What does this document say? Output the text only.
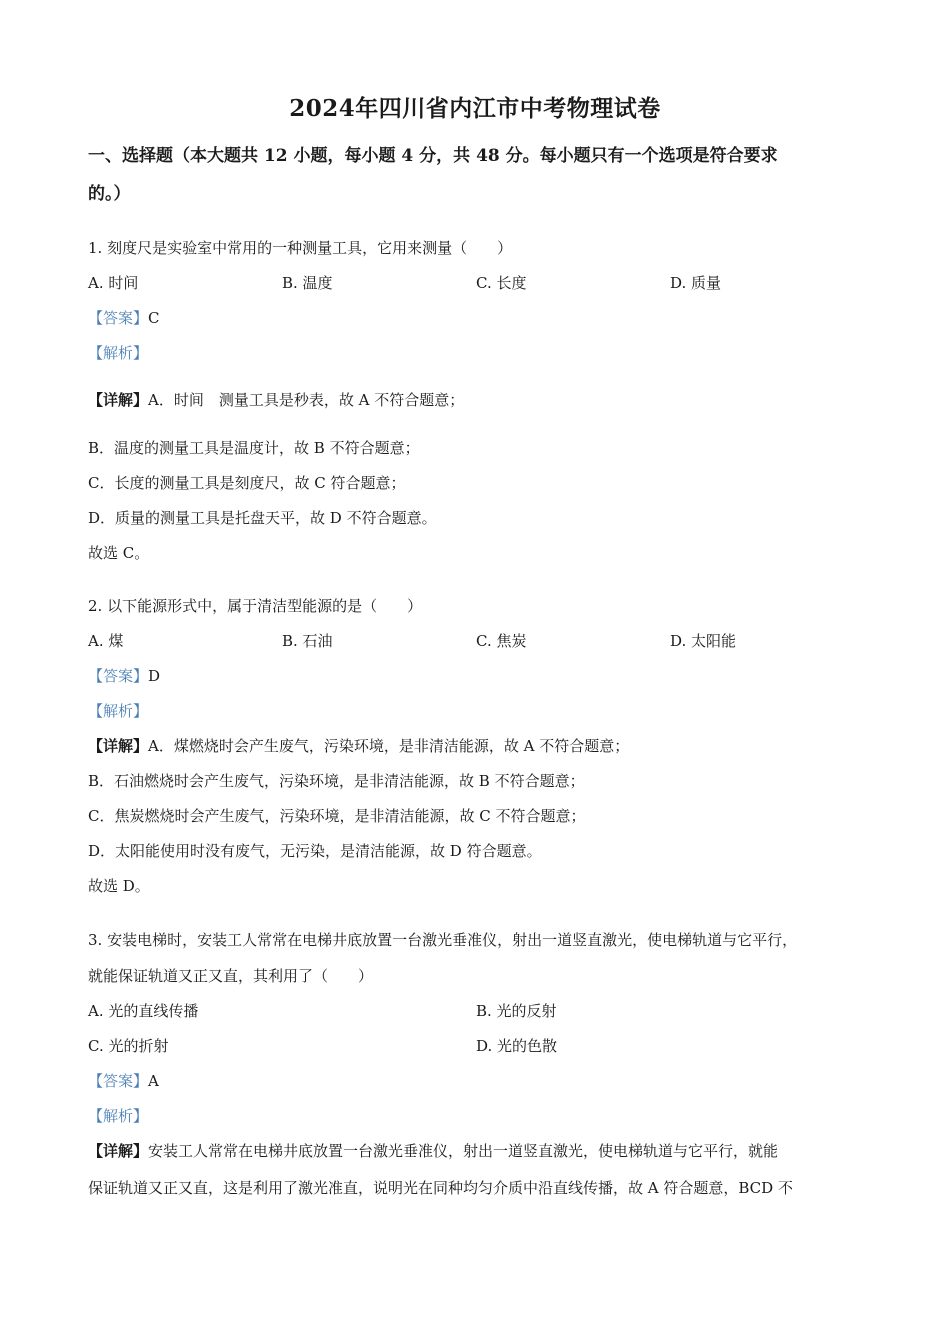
2024年四川省内江市中考物理试卷
一、选择题（本大题共 12 小题，每小题 4 分，共 48 分。每小题只有一个选项是符合要求
的。）
1. 刻度尺是实验室中常用的一种测量工具，它用来测量（　　）
A. 时间	B. 温度	C. 长度	D. 质量
【答案】C
【解析】
【详解】A．时间　测量工具是秒表，故 A 不符合题意；
B．温度的测量工具是温度计，故 B 不符合题意；
C．长度的测量工具是刻度尺，故 C 符合题意；
D．质量的测量工具是托盘天平，故 D 不符合题意。
故选 C。
2. 以下能源形式中，属于清洁型能源的是（　　）
A. 煤	B. 石油	C. 焦炭	D. 太阳能
【答案】D
【解析】
【详解】A．煤燃烧时会产生废气，污染环境，是非清洁能源，故 A 不符合题意；
B．石油燃烧时会产生废气，污染环境，是非清洁能源，故 B 不符合题意；
C．焦炭燃烧时会产生废气，污染环境，是非清洁能源，故 C 不符合题意；
D．太阳能使用时没有废气，无污染，是清洁能源，故 D 符合题意。
故选 D。
3. 安装电梯时，安装工人常常在电梯井底放置一台激光垂准仪，射出一道竖直激光，使电梯轨道与它平行，
就能保证轨道又正又直，其利用了（　　）
A. 光的直线传播	B. 光的反射
C. 光的折射	D. 光的色散
【答案】A
【解析】
【详解】安装工人常常在电梯井底放置一台激光垂准仪，射出一道竖直激光，使电梯轨道与它平行，就能
保证轨道又正又直，这是利用了激光准直，说明光在同种均匀介质中沿直线传播，故 A 符合题意，BCD 不
